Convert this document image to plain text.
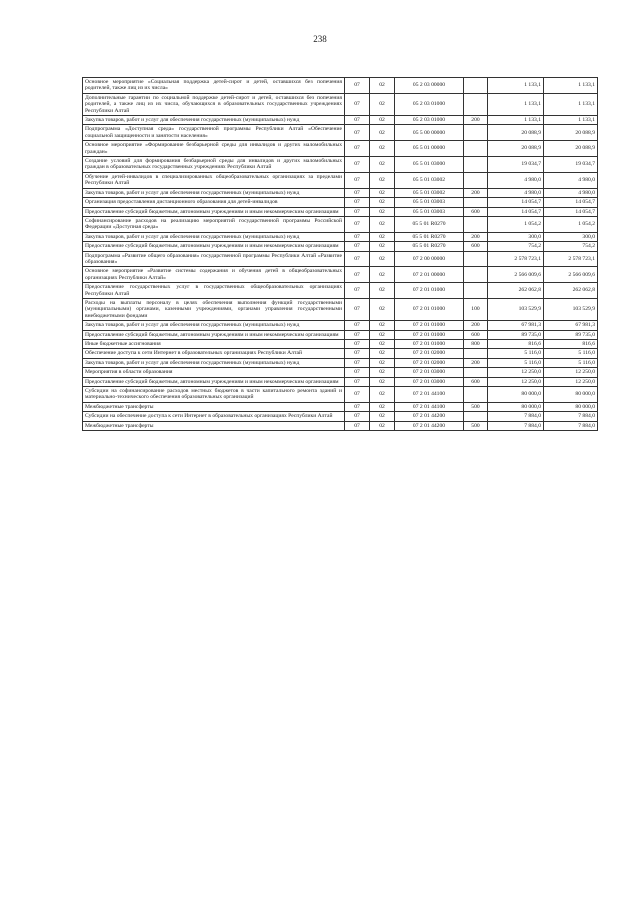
238
Основное мероприятие «Социальная поддержка детей-сирот и детей, оставшихся без попечения родителей, также лиц из их числа»	07	02	05 2 03 00000		1 133,1	1 133,1
Дополнительные гарантии по социальной поддержке детей-сирот и детей, оставшихся без попечения родителей, а также лиц из их числа, обучающихся в образовательных государственных учреждениях Республики Алтай	07	02	05 2 03 01000		1 133,1	1 133,1
Закупка товаров, работ и услуг для обеспечения государственных (муниципальных) нужд	07	02	05 2 03 01000	200	1 133,1	1 133,1
Подпрограмма «Доступная среда» государственной программы Республики Алтай «Обеспечение социальной защищенности и занятости населения»	07	02	05 5 00 00000		20 088,9	20 088,9
Основное мероприятие «Формирование безбарьерной среды для инвалидов и других маломобильных граждан»	07	02	05 5 01 00000		20 088,9	20 088,9
Создание условий для формирования безбарьерной среды для инвалидов и других маломобильных граждан в образовательных государственных учреждениях Республики Алтай	07	02	05 5 01 03000		19 034,7	19 034,7
Обучение детей-инвалидов в специализированных общеобразовательных организациях за пределами Республики Алтай	07	02	05 5 01 03002		4 980,0	4 980,0
Закупка товаров, работ и услуг для обеспечения государственных (муниципальных) нужд	07	02	05 5 01 03002	200	4 980,0	4 980,0
Организация предоставления дистанционного образования для детей-инвалидов	07	02	05 5 01 03003		14 054,7	14 054,7
Предоставление субсидий бюджетным, автономным учреждениям и иным некоммерческим организациям	07	02	05 5 01 03003	600	14 054,7	14 054,7
Софинансирование расходов на реализацию мероприятий государственной программы Российской Федерации «Доступная среда»	07	02	05 5 01 R0270		1 054,2	1 054,2
Закупка товаров, работ и услуг для обеспечения государственных (муниципальных) нужд	07	02	05 5 01 R0270	200	300,0	300,0
Предоставление субсидий бюджетным, автономным учреждениям и иным некоммерческим организациям	07	02	05 5 01 R0270	600	754,2	754,2
Подпрограмма «Развитие общего образования» государственной программы Республики Алтай «Развитие образования»	07	02	07 2 00 00000		2 578 723,1	2 578 723,1
Основное мероприятие «Развитие системы содержания и обучения детей в общеобразовательных организациях Республики Алтай»	07	02	07 2 01 00000		2 566 009,6	2 566 009,6
Предоставление государственных услуг в государственных общеобразовательных организациях Республики Алтай	07	02	07 2 01 01000		262 062,8	262 062,8
Расходы на выплаты персоналу в целях обеспечения выполнения функций государственными (муниципальными) органами, казенными учреждениями, органами управления государственными внебюджетными фондами	07	02	07 2 01 01000	100	103 529,9	103 529,9
Закупка товаров, работ и услуг для обеспечения государственных (муниципальных) нужд	07	02	07 2 01 01000	200	67 981,3	67 981,3
Предоставление субсидий бюджетным, автономным учреждениям и иным некоммерческим организациям	07	02	07 2 01 01000	600	89 735,0	89 735,0
Иные бюджетные ассигнования	07	02	07 2 01 01000	800	816,6	816,6
Обеспечение доступа к сети Интернет в образовательных организациях Республики Алтай	07	02	07 2 01 02000		5 116,0	5 116,0
Закупка товаров, работ и услуг для обеспечения государственных (муниципальных) нужд	07	02	07 2 01 02000	200	5 116,0	5 116,0
Мероприятия в области образования	07	02	07 2 01 03000		12 250,0	12 250,0
Предоставление субсидий бюджетным, автономным учреждениям и иным некоммерческим организациям	07	02	07 2 01 03000	600	12 250,0	12 250,0
Субсидии на софинансирование расходов местных бюджетов в части капитального ремонта зданий и материально-технического обеспечения образовательных организаций	07	02	07 2 01 44100		80 000,0	80 000,0
Межбюджетные трансферты	07	02	07 2 01 44100	500	80 000,0	80 000,0
Субсидии на обеспечение доступа к сети Интернет в образовательных организациях Республики Алтай	07	02	07 2 01 44200		7 884,0	7 884,0
Межбюджетные трансферты	07	02	07 2 01 44200	500	7 884,0	7 884,0
